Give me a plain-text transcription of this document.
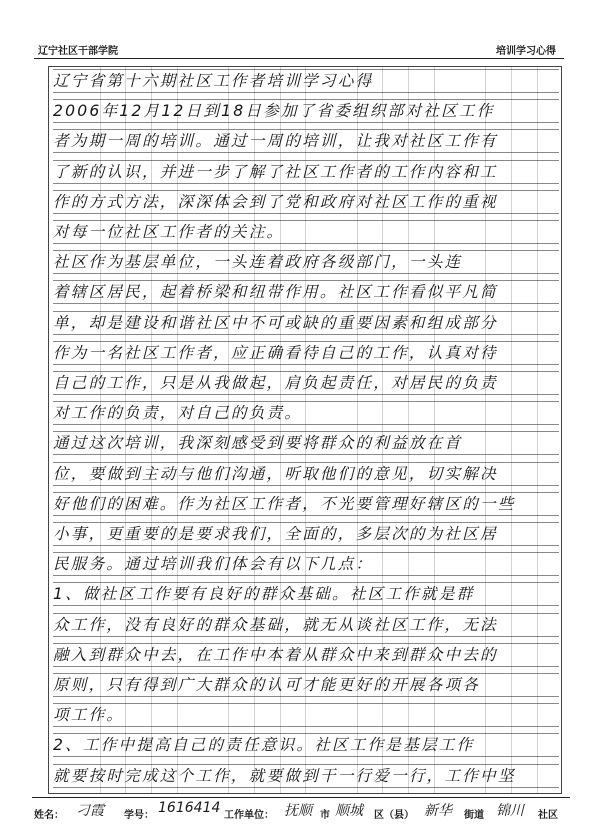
辽宁社区干部学院	培训学习心得
辽宁省第十六期社区工作者培训学习心得
2006年12月12日到18日参加了省委组织部对社区工作
者为期一周的培训。通过一周的培训，让我对社区工作有
了新的认识，并进一步了解了社区工作者的工作内容和工
作的方式方法，深深体会到了党和政府对社区工作的重视
对每一位社区工作者的关注。
社区作为基层单位，一头连着政府各级部门，一头连
着辖区居民，起着桥梁和纽带作用。社区工作看似平凡简
单，却是建设和谐社区中不可或缺的重要因素和组成部分
作为一名社区工作者，应正确看待自己的工作，认真对待
自己的工作，只是从我做起，肩负起责任，对居民的负责
对工作的负责，对自己的负责。
通过这次培训，我深刻感受到要将群众的利益放在首
位，要做到主动与他们沟通，听取他们的意见，切实解决
好他们的困难。作为社区工作者，不光要管理好辖区的一些
小事，更重要的是要求我们，全面的，多层次的为社区居
民服务。通过培训我们体会有以下几点：
1、做社区工作要有良好的群众基础。社区工作就是群
众工作，没有良好的群众基础，就无从谈社区工作，无法
融入到群众中去，在工作中本着从群众中来到群众中去的
原则，只有得到广大群众的认可才能更好的开展各项各
项工作。
2、工作中提高自己的责任意识。社区工作是基层工作
就要按时完成这个工作，就要做到干一行爱一行，工作中坚
姓名： 刁霞 学号： 1616414 工作单位： 抚顺 市 顺城 区（县） 新华 街道 锦川 社区
